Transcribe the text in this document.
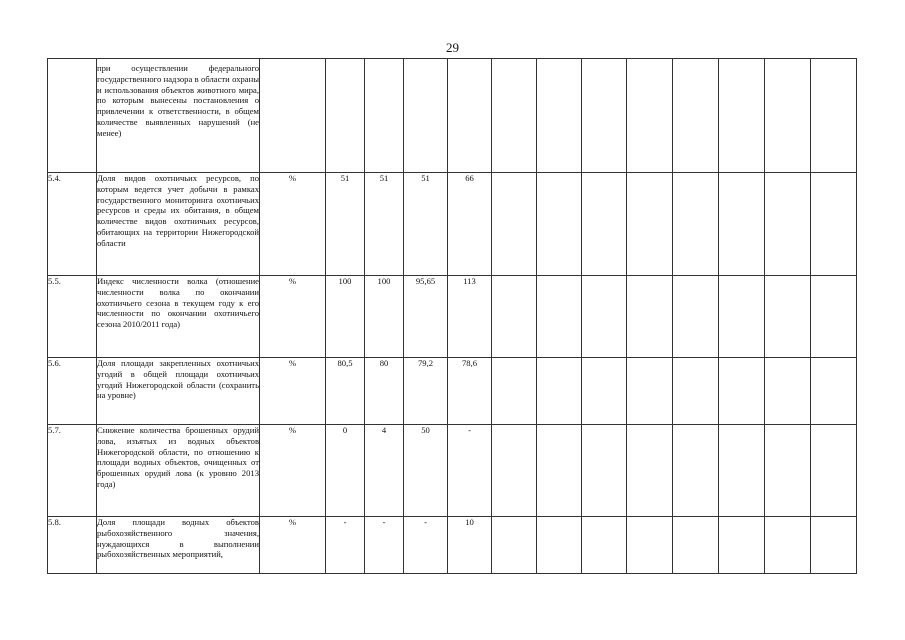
29
	при осуществлении федерального государственного надзора в области охраны и использования объектов животного мира, по которым вынесены постановления о привлечении к ответственности, в общем количестве выявленных нарушений (не менее)													
5.4.	Доля видов охотничьих ресурсов, по которым ведется учет добычи в рамках государственного мониторинга охотничьих ресурсов и среды их обитания, в общем количестве видов охотничьих ресурсов, обитающих на территории Нижегородской области	%	51	51	51	66								
5.5.	Индекс численности волка (отношение численности волка по окончании охотничьего сезона в текущем году к его численности по окончании охотничьего сезона 2010/2011 года)	%	100	100	95,65	113								
5.6.	Доля площади закрепленных охотничьих угодий в общей площади охотничьих угодий Нижегородской области (сохранить на уровне)	%	80,5	80	79,2	78,6								
5.7.	Снижение количества брошенных орудий лова, изъятых из водных объектов Нижегородской области, по отношению к площади водных объектов, очищенных от брошенных орудий лова (к уровню 2013 года)	%	0	4	50	-								
5.8.	Доля площади водных объектов рыбохозяйственного значения, нуждающихся в выполнении рыбохозяйственных мероприятий,	%	-	-	-	10								
